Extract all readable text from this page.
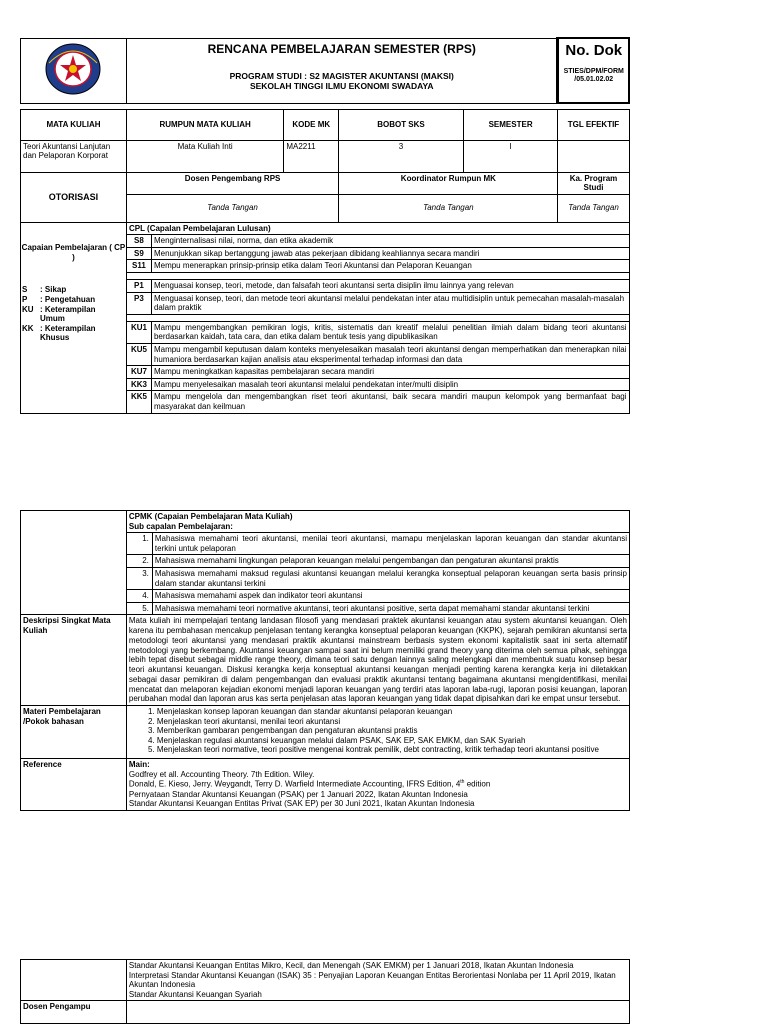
RENCANA PEMBELAJARAN SEMESTER (RPS)
PROGRAM STUDI : S2 MAGISTER AKUNTANSI (MAKSI)
SEKOLAH TINGGI ILMU EKONOMI SWADAYA

No. Dok
STIES/DPM/FORM /05.01.02.02

MATA KULIAH	RUMPUN MATA KULIAH	KODE MK	BOBOT SKS	SEMESTER	TGL EFEKTIF
Teori Akuntansi Lanjutan dan Pelaporan Korporat	Mata Kuliah Inti	MA2211	3	I	
OTORISASI	Dosen Pengembang RPS	Koordinator Rumpun MK	Ka. Program Studi
Tanda Tangan	Tanda Tangan	Tanda Tangan

Capaian Pembelajaran ( CP )
S	: Sikap
P	: Pengetahuan
KU : Keterampilan Umum
KK : Keterampilan Khusus

CPL (Capalan Pembelajaran Lulusan)
S8	Menginternalisasi nilai, norma, dan etika akademik
S9	Menunjukkan sikap bertanggung jawab atas pekerjaan dibidang keahliannya secara mandiri
S11	Mempu menerapkan prinsip-prinsip etika dalam Teori Akuntansi dan Pelaporan Keuangan
P1	Menguasai konsep, teori, metode, dan falsafah teori akuntansi serta disiplin ilmu lainnya yang relevan
P3	Menguasai konsep, teori, dan metode teori akuntansi melalui pendekatan inter atau multidisiplin untuk pemecahan masalah-masalah dalam praktik
KU1	Mampu mengembangkan pemikiran logis, kritis, sistematis dan kreatif melalui penelitian ilmiah dalam bidang teori akuntansi berdasarkan kaidah, tata cara, dan etika dalam bentuk tesis yang dipublikasikan
KU5	Mampu mengambil keputusan dalam konteks menyelesaikan masalah teori akuntansi dengan memperhatikan dan menerapkan nilai humaniora berdasarkan kajian analisis atau eksperimental terhadap informasi dan data
KU7	Mampu meningkatkan kapasitas pembelajaran secara mandiri
KK3	Mampu menyelesaikan masalah teori akuntansi melalui pendekatan inter/multi disiplin
KK5	Mampu mengelola dan mengembangkan riset teori akuntansi, baik secara mandiri maupun kelompok yang bermanfaat bagi masyarakat dan keilmuan

CPMK (Capaian Pembelajaran Mata Kuliah)
Sub capalan Pembelajaran:
1.	Mahasiswa memahami teori akuntansi, menilai teori akuntansi, mamapu menjelaskan laporan keuangan dan standar akuntansi terkini untuk pelaporan
2.	Mahasiswa memahami lingkungan pelaporan keuangan melalui pengembangan dan pengaturan akuntansi praktis
3.	Mahasiswa memahami maksud regulasi akuntansi keuangan melalui kerangka konseptual pelaporan keuangan serta basis prinsip dalam standar akuntansi terkini
4.	Mahasiswa memahami aspek dan indikator teori akuntansi
5.	Mahasiswa memahami teori normative akuntansi, teori akuntansi positive, serta dapat memahami standar akuntansi terkini

Deskripsi Singkat Mata Kuliah	Mata kuliah ini mempelajari tentang landasan filosofi yang mendasari praktek akuntansi keuangan atau system akuntansi keuangan. Oleh karena itu pembahasan mencakup penjelasan tentang kerangka konseptual pelaporan keuangan (KKPK), sejarah pemikiran akuntansi serta metodologi teori akuntansi yang mendasari praktik akuntansi mainstream berbasis system ekonomi kapitalistik saat ini serta alternatif metodologi yang berkembang. Akuntansi keuangan sampai saat ini belum memiliki grand theory yang diterima oleh semua pihak, sehingga lebih tepat disebut sebagai middle range theory, dimana teori satu dengan lainnya saling melengkapi dan membentuk suatu konsep besar teori akuntansi keuangan. Diskusi kerangka kerja konseptual akuntansi keuangan menjadi penting karena kerangka kerja ini diletakkan sebagai dasar pemikiran di dalam pengembangan dan evaluasi praktik akuntansi tentang bagaimana akuntansi mengidentifikasi, menilai mencatat dan melaporan kejadian ekonomi menjadi laporan keuangan yang terdiri atas laporan laba-rugi, laporan posisi keuangan, laporan perubahan modal dan laporan arus kas serta penjelasan atas laporan keuangan yang tidak dapat dipisahkan dari ke empat unsur tersebut.
Materi Pembelajaran /Pokok bahasan	
1. Menjelaskan konsep laporan keuangan dan standar akuntansi pelaporan keuangan
2. Menjelaskan teori akuntansi, menilai teori akuntansi
3. Memberikan gambaran pengembangan dan pengaturan akuntansi praktis
4. Menjelaskan regulasi akuntansi keuangan melalui dalam PSAK, SAK EP, SAK EMKM, dan SAK Syariah
5. Menjelaskan teori normative, teori positive mengenai kontrak pemilik, debt contracting, kritik terhadap teori akuntansi positive

Reference	Main:
Godfrey et all. Accounting Theory. 7th Edition. Wiley.
Donald, E. Kieso, Jerry. Weygandt, Terry D. Warfield Intermediate Accounting, IFRS Edition, 4th edition
Pernyataan Standar Akuntansi Keuangan (PSAK) per 1 Januari 2022, Ikatan Akuntan Indonesia
Standar Akuntansi Keuangan Entitas Privat (SAK EP) per 30 Juni 2021, Ikatan Akuntan Indonesia

	Standar Akuntansi Keuangan Entitas Mikro, Kecil, dan Menengah (SAK EMKM) per 1 Januari 2018, Ikatan Akuntan Indonesia
Interpretasi Standar Akuntansi Keuangan (ISAK) 35 : Penyajian Laporan Keuangan Entitas Berorientasi Nonlaba per 11 April 2019, Ikatan Akuntan Indonesia
Standar Akuntansi Keuangan Syariah

Dosen Pengampu	
